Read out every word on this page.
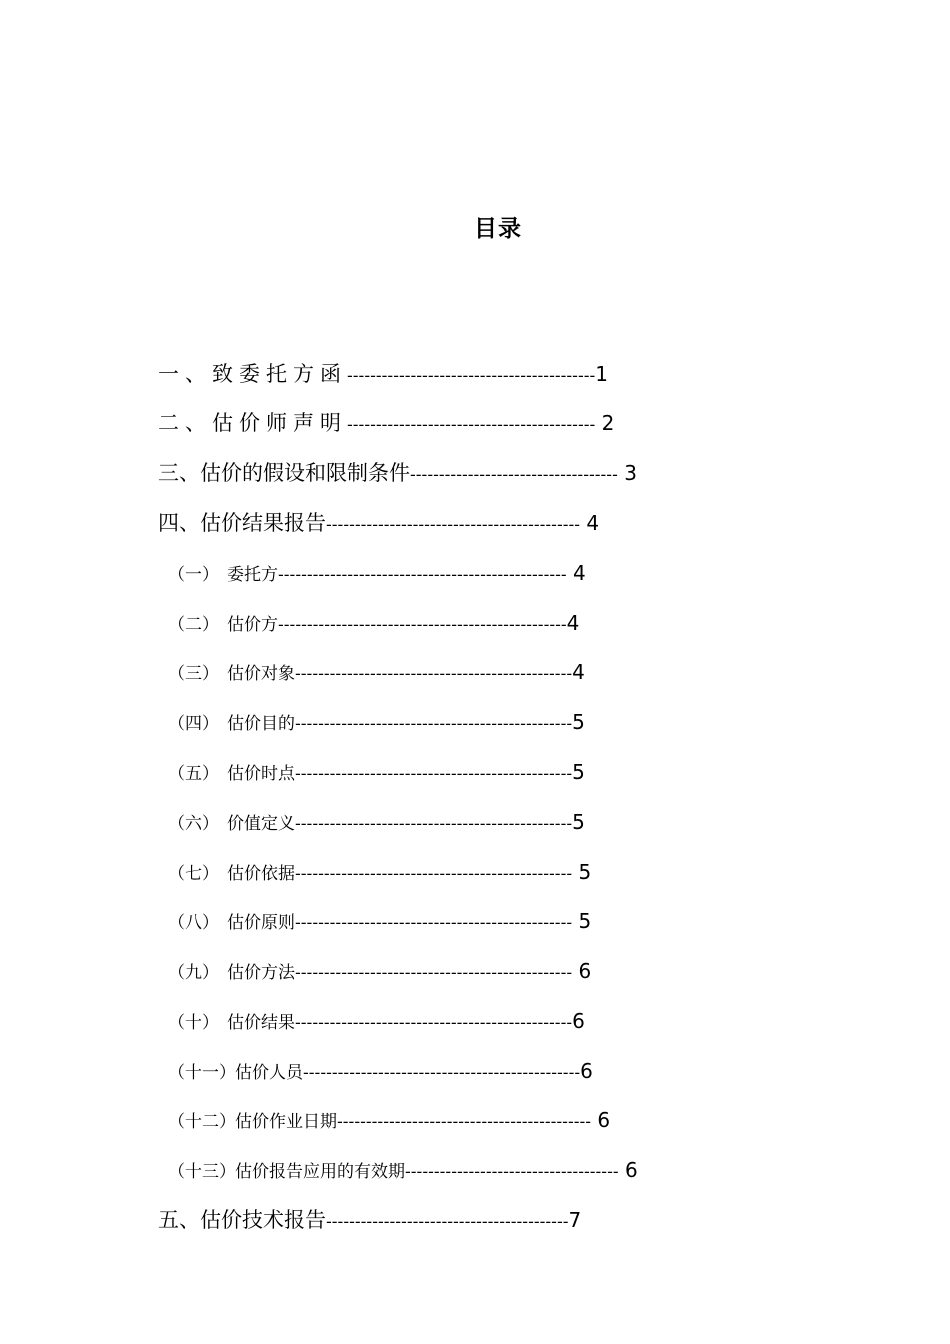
目录
一、致委托方函-------------------------------------------1
二、估价师声明------------------------------------------- 2
三、估价的假设和限制条件------------------------------------ 3
四、估价结果报告-------------------------------------------- 4
（一） 委托方-------------------------------------------------- 4
（二） 估价方--------------------------------------------------4
（三） 估价对象------------------------------------------------4
（四） 估价目的------------------------------------------------5
（五） 估价时点------------------------------------------------5
（六） 价值定义------------------------------------------------5
（七） 估价依据------------------------------------------------ 5
（八） 估价原则------------------------------------------------ 5
（九） 估价方法------------------------------------------------ 6
（十） 估价结果------------------------------------------------6
（十一）估价人员------------------------------------------------6
（十二）估价作业日期-------------------------------------------- 6
（十三）估价报告应用的有效期------------------------------------- 6
五、估价技术报告------------------------------------------7
